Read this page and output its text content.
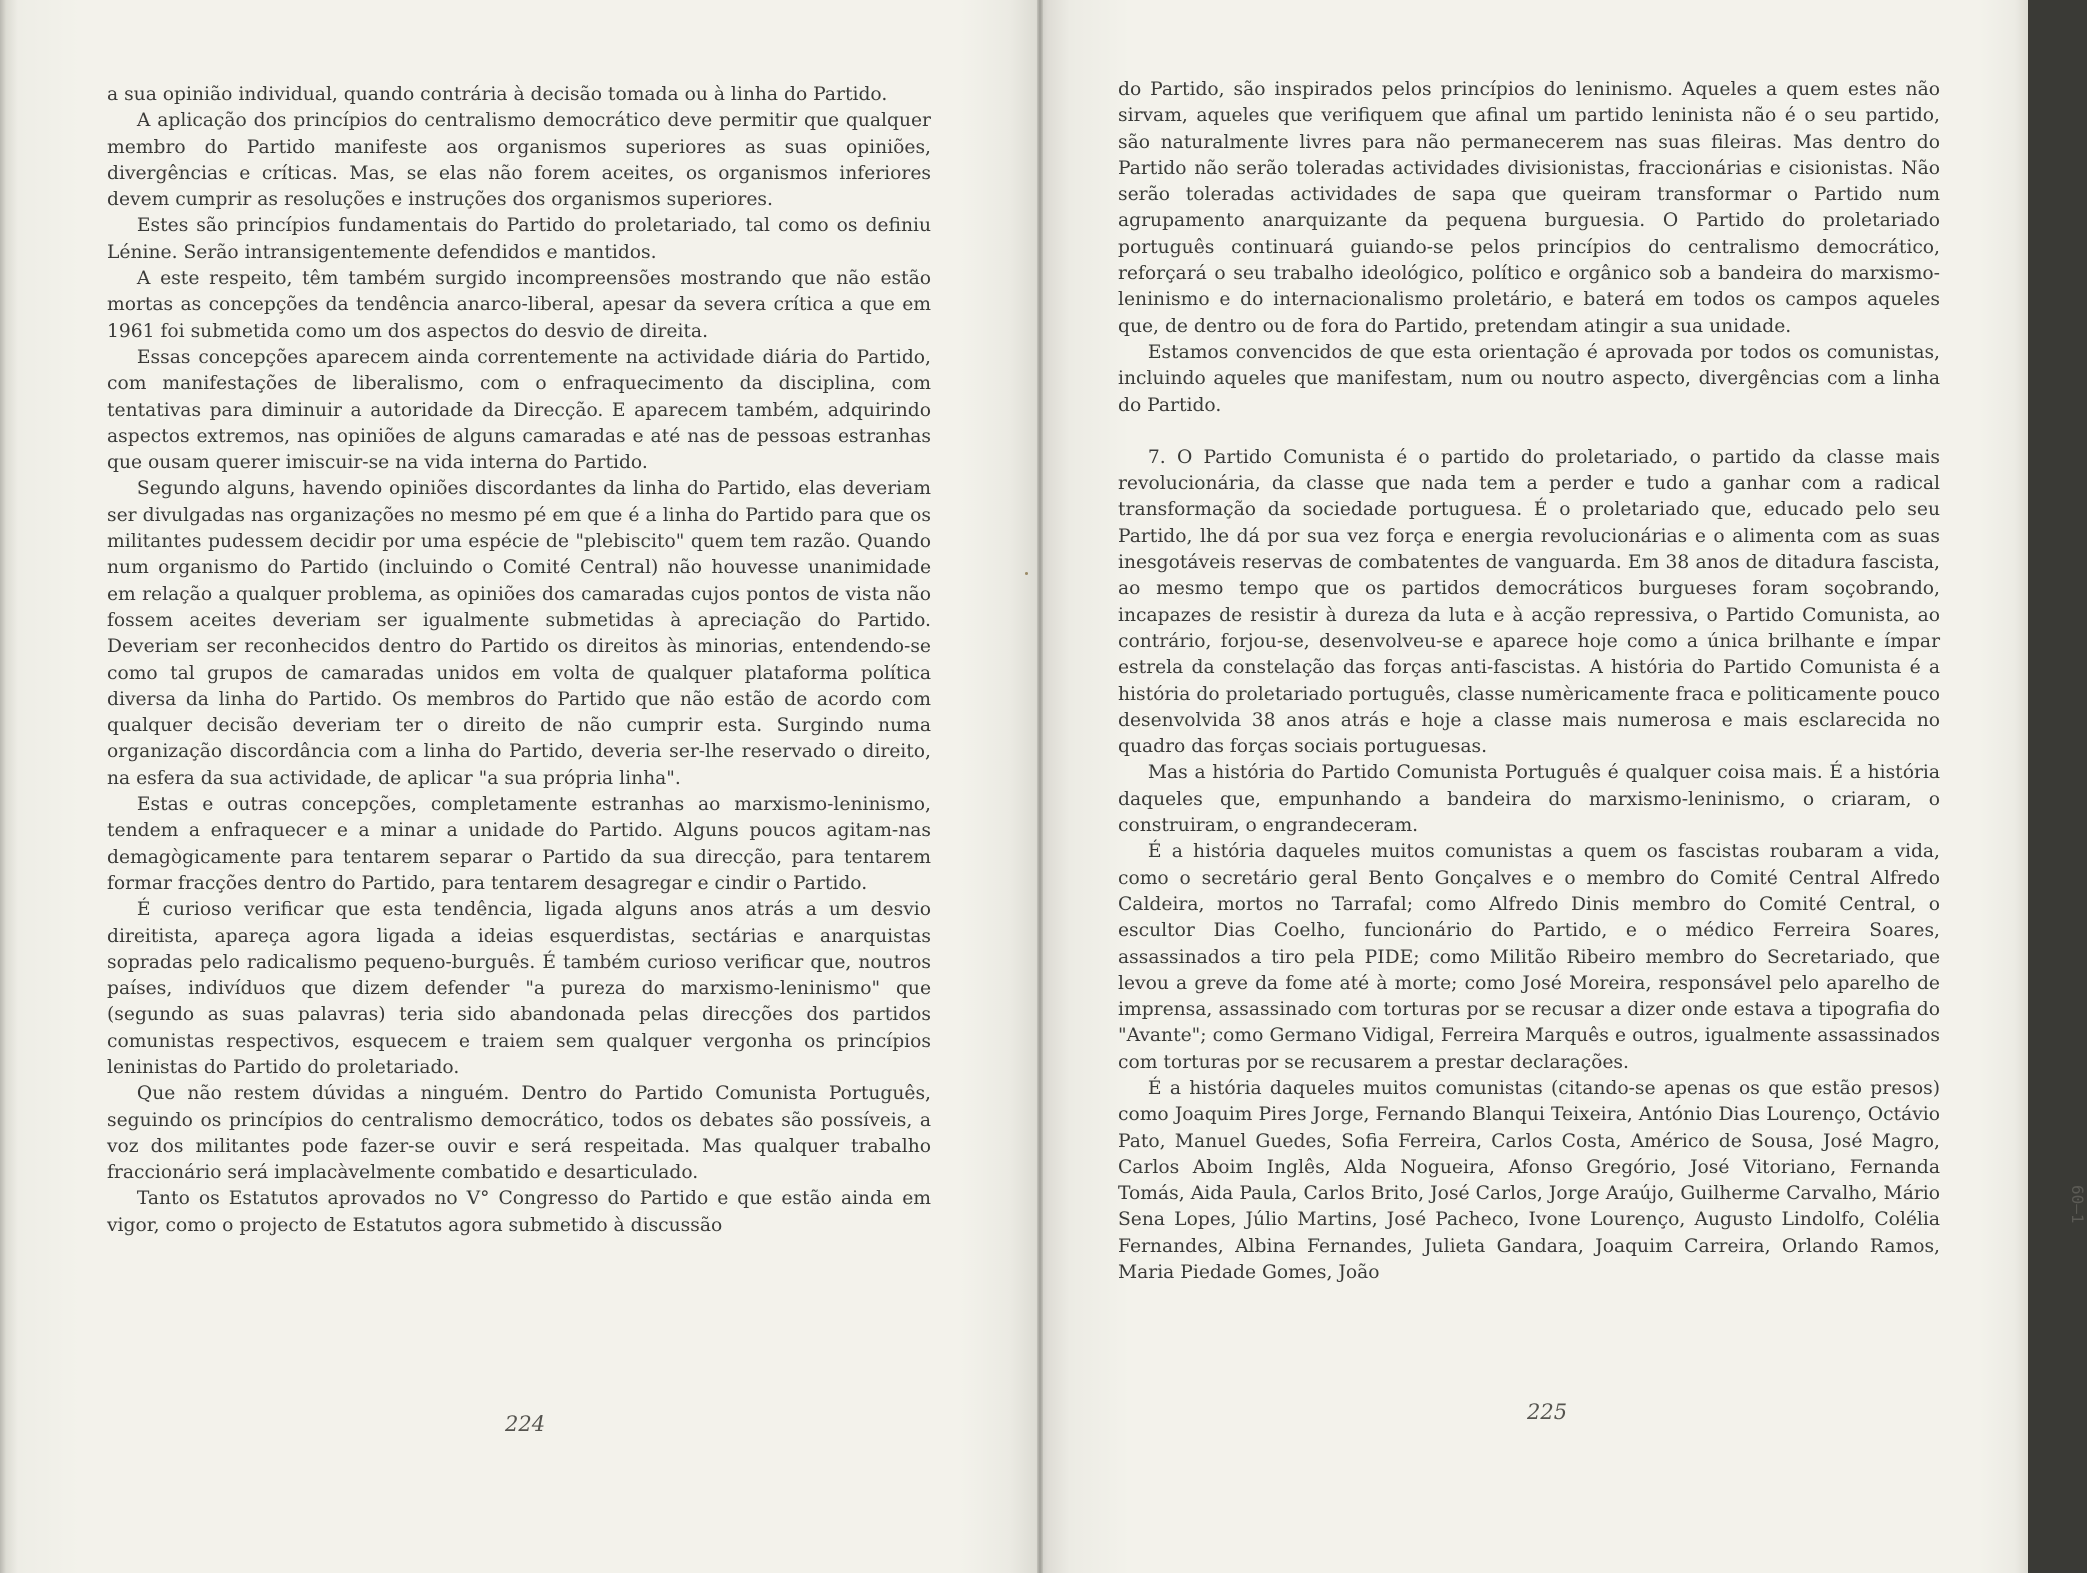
a sua opinião individual, quando contrária à decisão tomada ou à linha do Partido.

A aplicação dos princípios do centralismo democrático deve permitir que qualquer membro do Partido manifeste aos organismos superiores as suas opiniões, divergências e críticas. Mas, se elas não forem aceites, os organismos inferiores devem cumprir as resoluções e instruções dos organismos superiores.

Estes são princípios fundamentais do Partido do proletariado, tal como os definiu Lénine. Serão intransigentemente defendidos e mantidos.

A este respeito, têm também surgido incompreensões mostrando que não estão mortas as concepções da tendência anarco-liberal, apesar da severa crítica a que em 1961 foi submetida como um dos aspectos do desvio de direita.

Essas concepções aparecem ainda correntemente na actividade diária do Partido, com manifestações de liberalismo, com o enfraquecimento da disciplina, com tentativas para diminuir a autoridade da Direcção. E aparecem também, adquirindo aspectos extremos, nas opiniões de alguns camaradas e até nas de pessoas estranhas que ousam querer imiscuir-se na vida interna do Partido.

Segundo alguns, havendo opiniões discordantes da linha do Partido, elas deveriam ser divulgadas nas organizações no mesmo pé em que é a linha do Partido para que os militantes pudessem decidir por uma espécie de "plebiscito" quem tem razão. Quando num organismo do Partido (incluindo o Comité Central) não houvesse unanimidade em relação a qualquer problema, as opiniões dos camaradas cujos pontos de vista não fossem aceites deveriam ser igualmente submetidas à apreciação do Partido. Deveriam ser reconhecidos dentro do Partido os direitos às minorias, entendendo-se como tal grupos de camaradas unidos em volta de qualquer plataforma política diversa da linha do Partido. Os membros do Partido que não estão de acordo com qualquer decisão deveriam ter o direito de não cumprir esta. Surgindo numa organização discordância com a linha do Partido, deveria ser-lhe reservado o direito, na esfera da sua actividade, de aplicar "a sua própria linha".

Estas e outras concepções, completamente estranhas ao marxismo-leninismo, tendem a enfraquecer e a minar a unidade do Partido. Alguns poucos agitam-nas demagògicamente para tentarem separar o Partido da sua direcção, para tentarem formar fracções dentro do Partido, para tentarem desagregar e cindir o Partido.

É curioso verificar que esta tendência, ligada alguns anos atrás a um desvio direitista, apareça agora ligada a ideias esquerdistas, sectárias e anarquistas sopradas pelo radicalismo pequeno-burguês. É também curioso verificar que, noutros países, indivíduos que dizem defender "a pureza do marxismo-leninismo" que (segundo as suas palavras) teria sido abandonada pelas direcções dos partidos comunistas respectivos, esquecem e traiem sem qualquer vergonha os princípios leninistas do Partido do proletariado.

Que não restem dúvidas a ninguém. Dentro do Partido Comunista Português, seguindo os princípios do centralismo democrático, todos os debates são possíveis, a voz dos militantes pode fazer-se ouvir e será respeitada. Mas qualquer trabalho fraccionário será implacàvelmente combatido e desarticulado.

Tanto os Estatutos aprovados no V° Congresso do Partido e que estão ainda em vigor, como o projecto de Estatutos agora submetido à discussão

224
60—1

do Partido, são inspirados pelos princípios do leninismo. Aqueles a quem estes não sirvam, aqueles que verifiquem que afinal um partido leninista não é o seu partido, são naturalmente livres para não permanecerem nas suas fileiras. Mas dentro do Partido não serão toleradas actividades divisionistas, fraccionárias e cisionistas. Não serão toleradas actividades de sapa que queiram transformar o Partido num agrupamento anarquizante da pequena burguesia. O Partido do proletariado português continuará guiando-se pelos princípios do centralismo democrático, reforçará o seu trabalho ideológico, político e orgânico sob a bandeira do marxismo-leninismo e do internacionalismo proletário, e baterá em todos os campos aqueles que, de dentro ou de fora do Partido, pretendam atingir a sua unidade.

Estamos convencidos de que esta orientação é aprovada por todos os comunistas, incluindo aqueles que manifestam, num ou noutro aspecto, divergências com a linha do Partido.

7. O Partido Comunista é o partido do proletariado, o partido da classe mais revolucionária, da classe que nada tem a perder e tudo a ganhar com a radical transformação da sociedade portuguesa. É o proletariado que, educado pelo seu Partido, lhe dá por sua vez força e energia revolucionárias e o alimenta com as suas inesgotáveis reservas de combatentes de vanguarda. Em 38 anos de ditadura fascista, ao mesmo tempo que os partidos democráticos burgueses foram soçobrando, incapazes de resistir à dureza da luta e à acção repressiva, o Partido Comunista, ao contrário, forjou-se, desenvolveu-se e aparece hoje como a única brilhante e ímpar estrela da constelação das forças anti-fascistas. A história do Partido Comunista é a história do proletariado português, classe numèricamente fraca e politicamente pouco desenvolvida 38 anos atrás e hoje a classe mais numerosa e mais esclarecida no quadro das forças sociais portuguesas.

Mas a história do Partido Comunista Português é qualquer coisa mais. É a história daqueles que, empunhando a bandeira do marxismo-leninismo, o criaram, o construiram, o engrandeceram.

É a história daqueles muitos comunistas a quem os fascistas roubaram a vida, como o secretário geral Bento Gonçalves e o membro do Comité Central Alfredo Caldeira, mortos no Tarrafal; como Alfredo Dinis membro do Comité Central, o escultor Dias Coelho, funcionário do Partido, e o médico Ferreira Soares, assassinados a tiro pela PIDE; como Militão Ribeiro membro do Secretariado, que levou a greve da fome até à morte; como José Moreira, responsável pelo aparelho de imprensa, assassinado com torturas por se recusar a dizer onde estava a tipografia do "Avante"; como Germano Vidigal, Ferreira Marquês e outros, igualmente assassinados com torturas por se recusarem a prestar declarações.

É a história daqueles muitos comunistas (citando-se apenas os que estão presos) como Joaquim Pires Jorge, Fernando Blanqui Teixeira, António Dias Lourenço, Octávio Pato, Manuel Guedes, Sofia Ferreira, Carlos Costa, Américo de Sousa, José Magro, Carlos Aboim Inglês, Alda Nogueira, Afonso Gregório, José Vitoriano, Fernanda Tomás, Aida Paula, Carlos Brito, José Carlos, Jorge Araújo, Guilherme Carvalho, Mário Sena Lopes, Júlio Martins, José Pacheco, Ivone Lourenço, Augusto Lindolfo, Colélia Fernandes, Albina Fernandes, Julieta Gandara, Joaquim Carreira, Orlando Ramos, Maria Piedade Gomes, João

225
